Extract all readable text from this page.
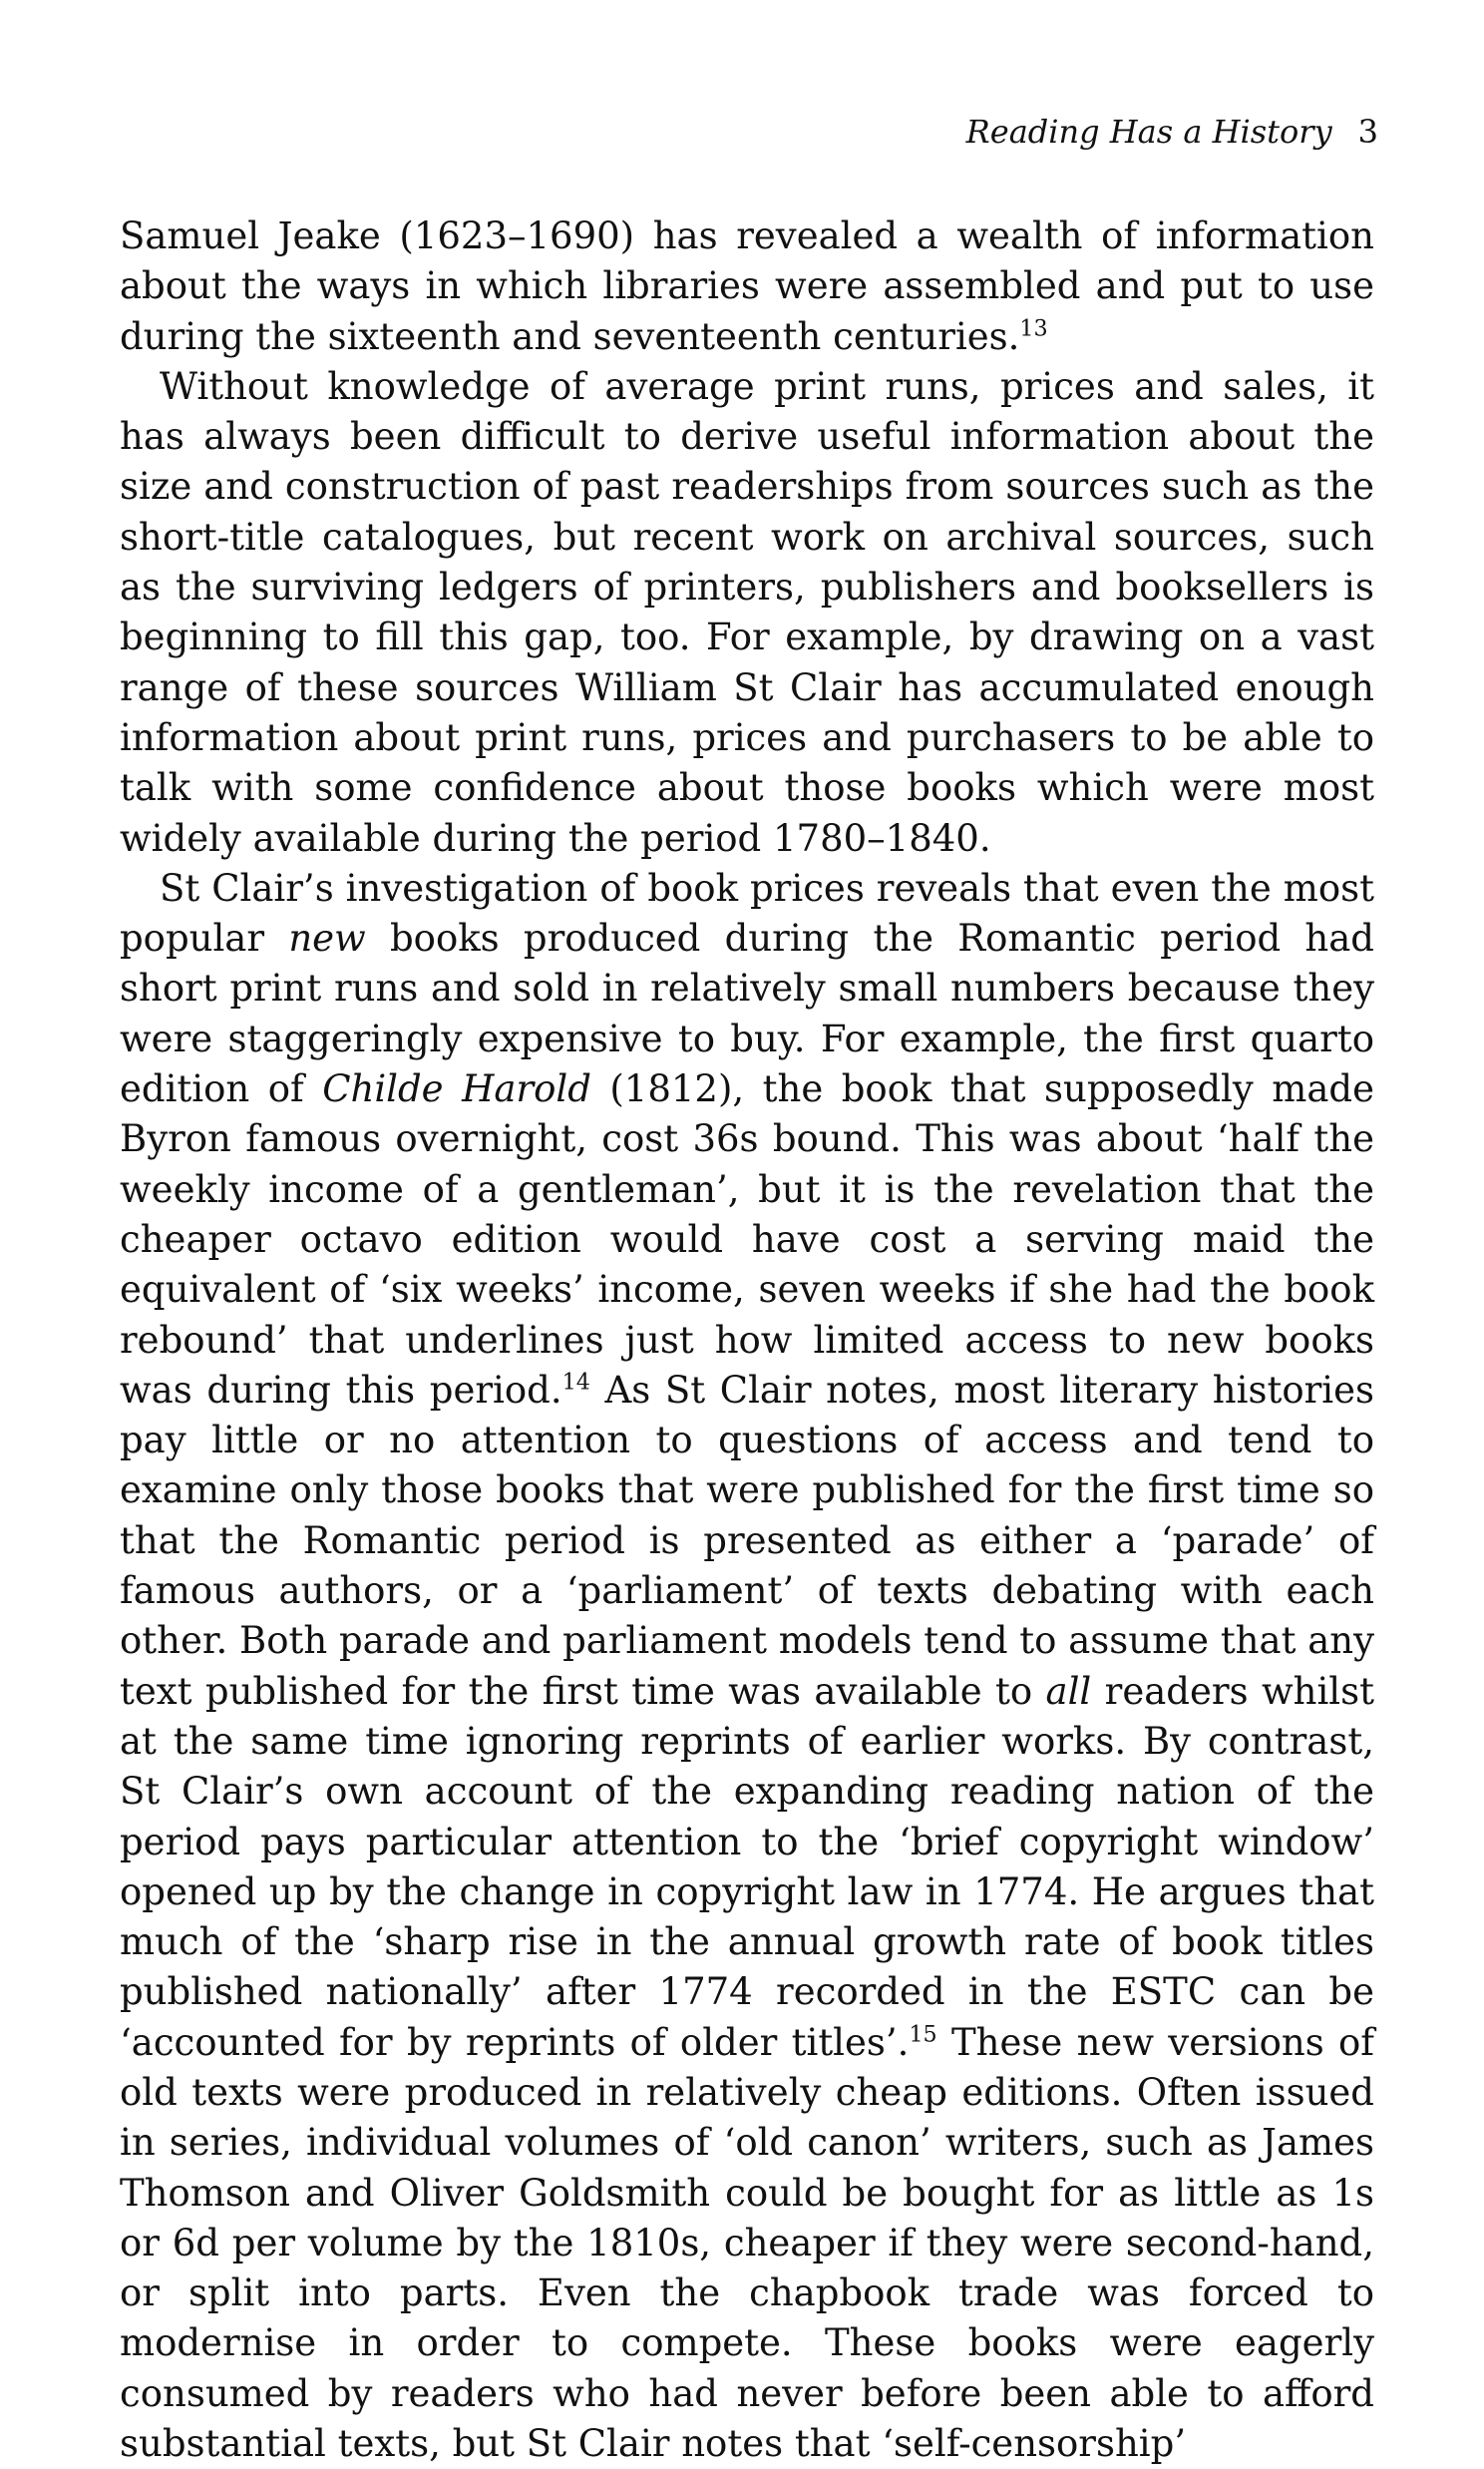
Reading Has a History 3

Samuel Jeake (1623–1690) has revealed a wealth of information about the ways in which libraries were assembled and put to use during the sixteenth and seventeenth centuries.$^{13}$

Without knowledge of average print runs, prices and sales, it has always been difficult to derive useful information about the size and construction of past readerships from sources such as the short-title catalogues, but recent work on archival sources, such as the surviving ledgers of printers, publishers and booksellers is beginning to fill this gap, too. For example, by drawing on a vast range of these sources William St Clair has accumulated enough information about print runs, prices and purchasers to be able to talk with some confidence about those books which were most widely available during the period 1780–1840.

St Clair’s investigation of book prices reveals that even the most popular new books produced during the Romantic period had short print runs and sold in relatively small numbers because they were staggeringly expensive to buy. For example, the first quarto edition of Childe Harold (1812), the book that supposedly made Byron famous overnight, cost 36s bound. This was about ‘half the weekly income of a gentleman’, but it is the revelation that the cheaper octavo edition would have cost a serving maid the equivalent of ‘six weeks’ income, seven weeks if she had the book rebound’ that underlines just how limited access to new books was during this period.$^{14}$ As St Clair notes, most literary histories pay little or no attention to questions of access and tend to examine only those books that were published for the first time so that the Romantic period is presented as either a ‘parade’ of famous authors, or a ‘parliament’ of texts debating with each other. Both parade and parliament models tend to assume that any text published for the first time was available to all readers whilst at the same time ignoring reprints of earlier works. By contrast, St Clair’s own account of the expanding reading nation of the period pays particular attention to the ‘brief copyright window’ opened up by the change in copyright law in 1774. He argues that much of the ‘sharp rise in the annual growth rate of book titles published nationally’ after 1774 recorded in the ESTC can be ‘accounted for by reprints of older titles’.$^{15}$ These new versions of old texts were produced in relatively cheap editions. Often issued in series, individual volumes of ‘old canon’ writers, such as James Thomson and Oliver Goldsmith could be bought for as little as 1s or 6d per volume by the 1810s, cheaper if they were second-hand, or split into parts. Even the chapbook trade was forced to modernise in order to compete. These books were eagerly consumed by readers who had never before been able to afford substantial texts, but St Clair notes that ‘self-censorship’
